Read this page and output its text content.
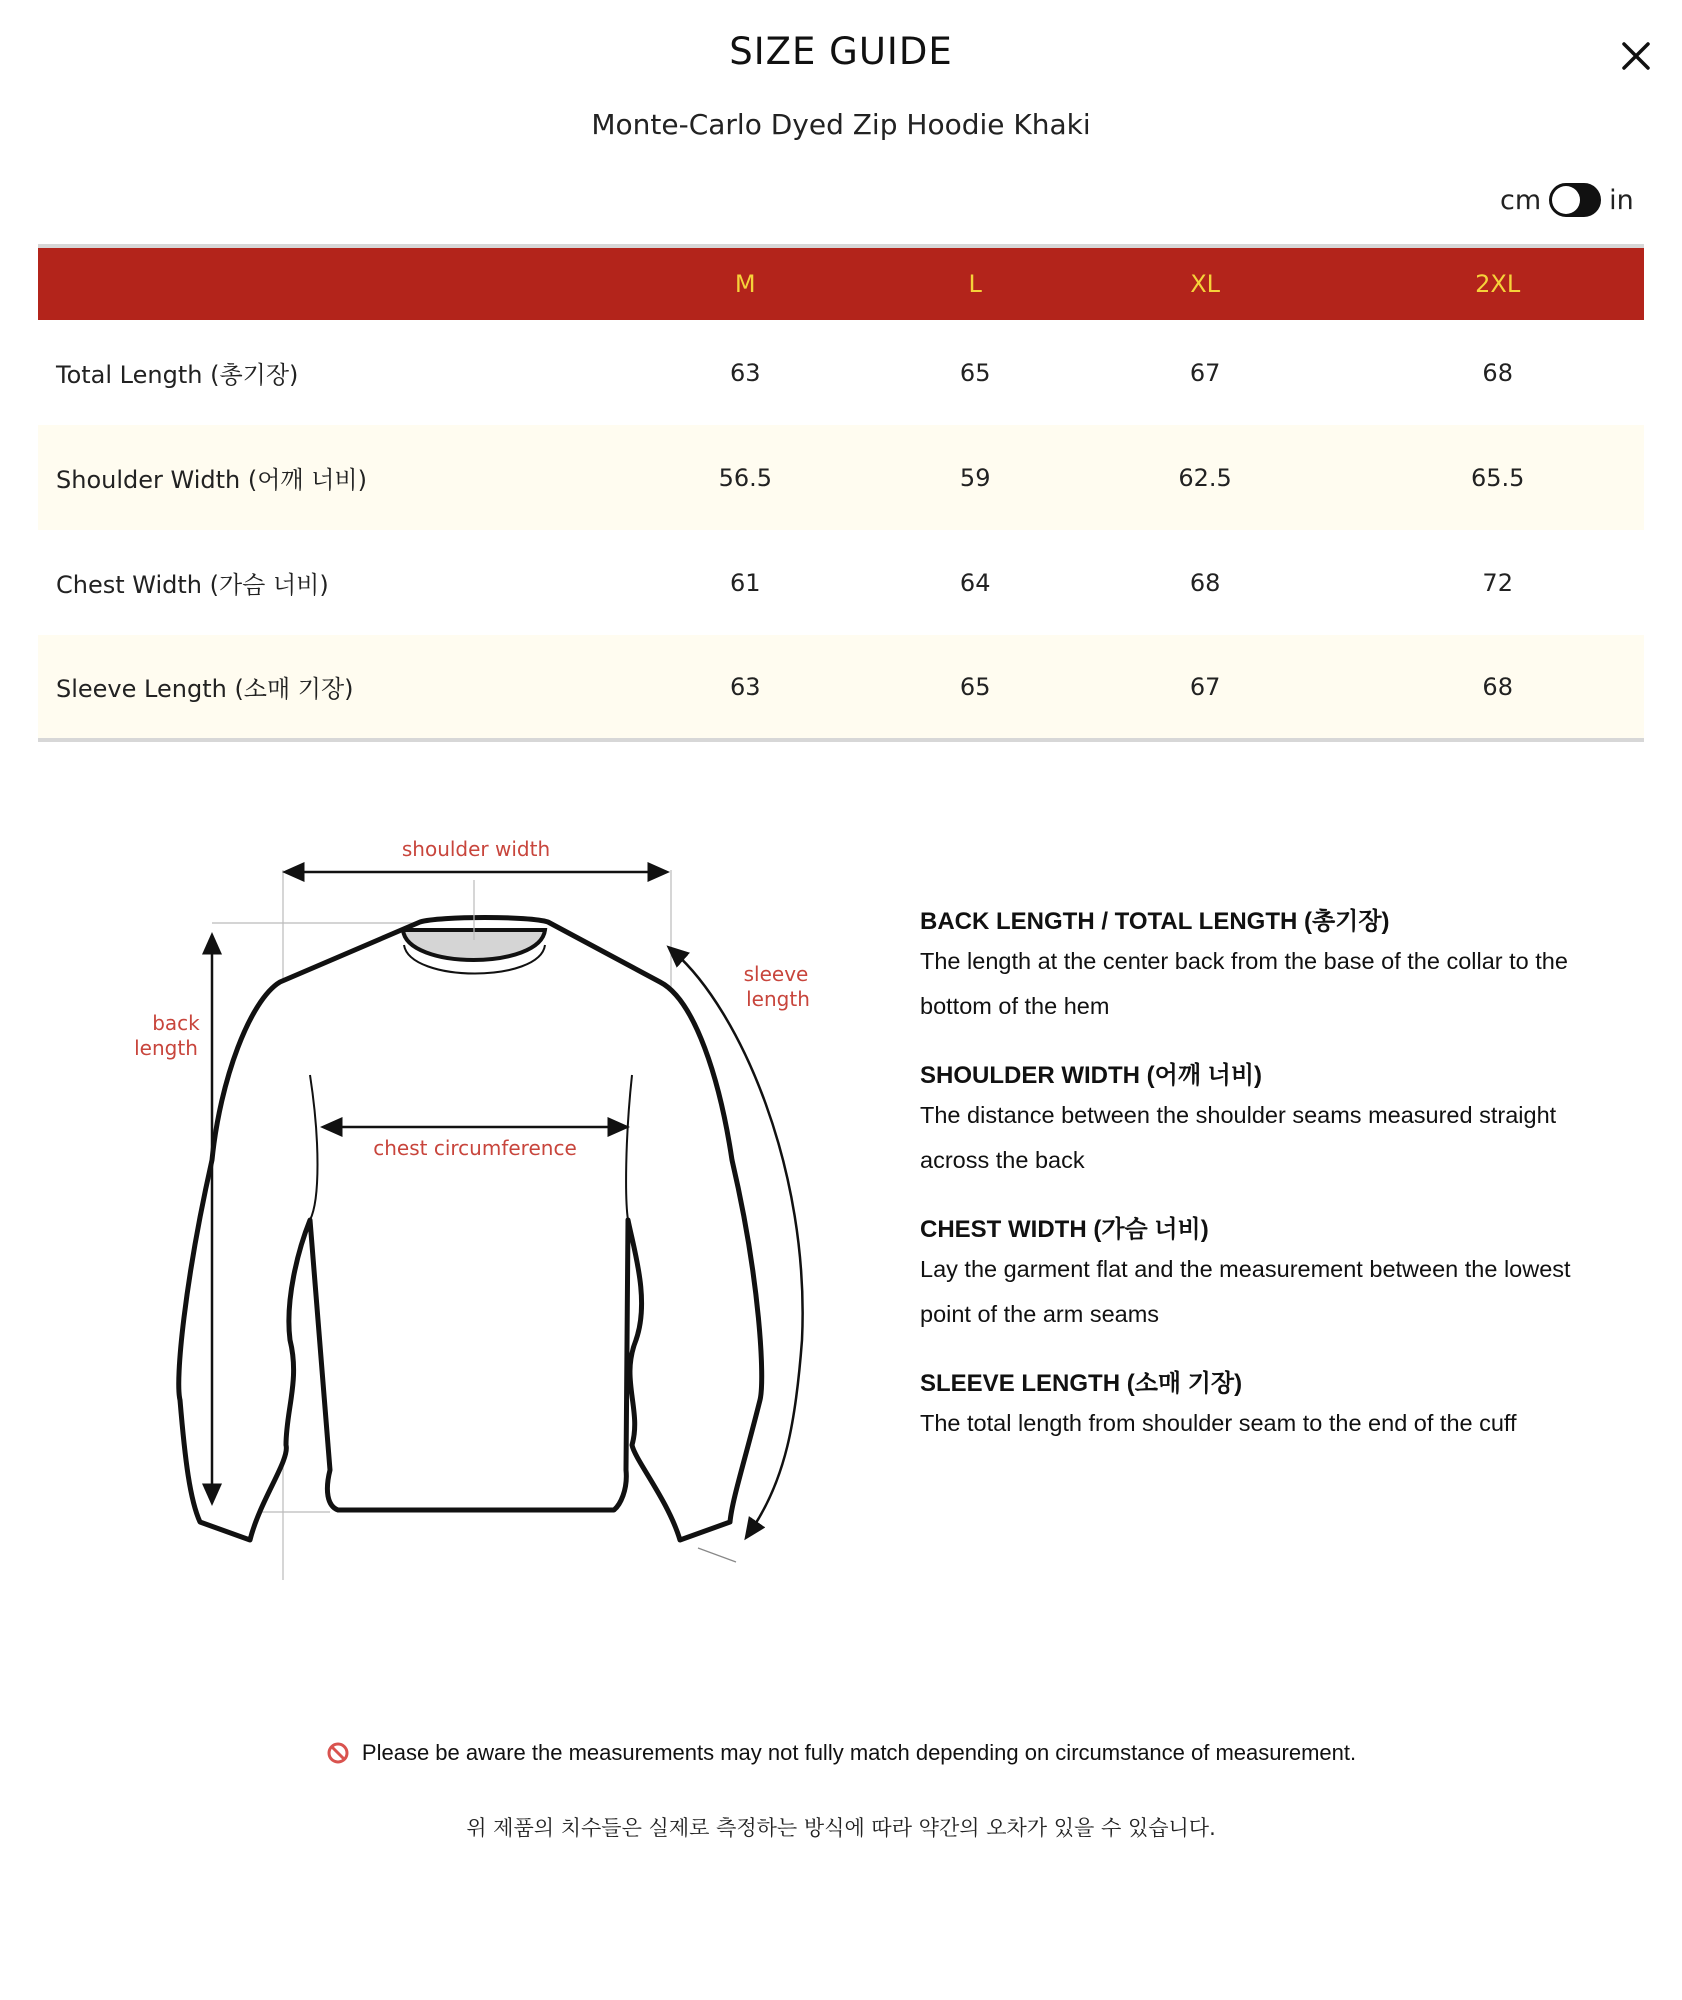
SIZE GUIDE
Monte-Carlo Dyed Zip Hoodie Khaki
cm	in
	M	L	XL	2XL
Total Length (총기장)	63	65	67	68
Shoulder Width (어깨 너비)	56.5	59	62.5	65.5
Chest Width (가슴 너비)	61	64	68	72
Sleeve Length (소매 기장)	63	65	67	68
shoulder width
back
length
chest circumference
sleeve
length
BACK LENGTH / TOTAL LENGTH (총기장)
The length at the center back from the base of the collar to the bottom of the hem
SHOULDER WIDTH (어깨 너비)
The distance between the shoulder seams measured straight across the back
CHEST WIDTH (가슴 너비)
Lay the garment flat and the measurement between the lowest point of the arm seams
SLEEVE LENGTH (소매 기장)
The total length from shoulder seam to the end of the cuff
Please be aware the measurements may not fully match depending on circumstance of measurement.
위 제품의 치수들은 실제로 측정하는 방식에 따라 약간의 오차가 있을 수 있습니다.
